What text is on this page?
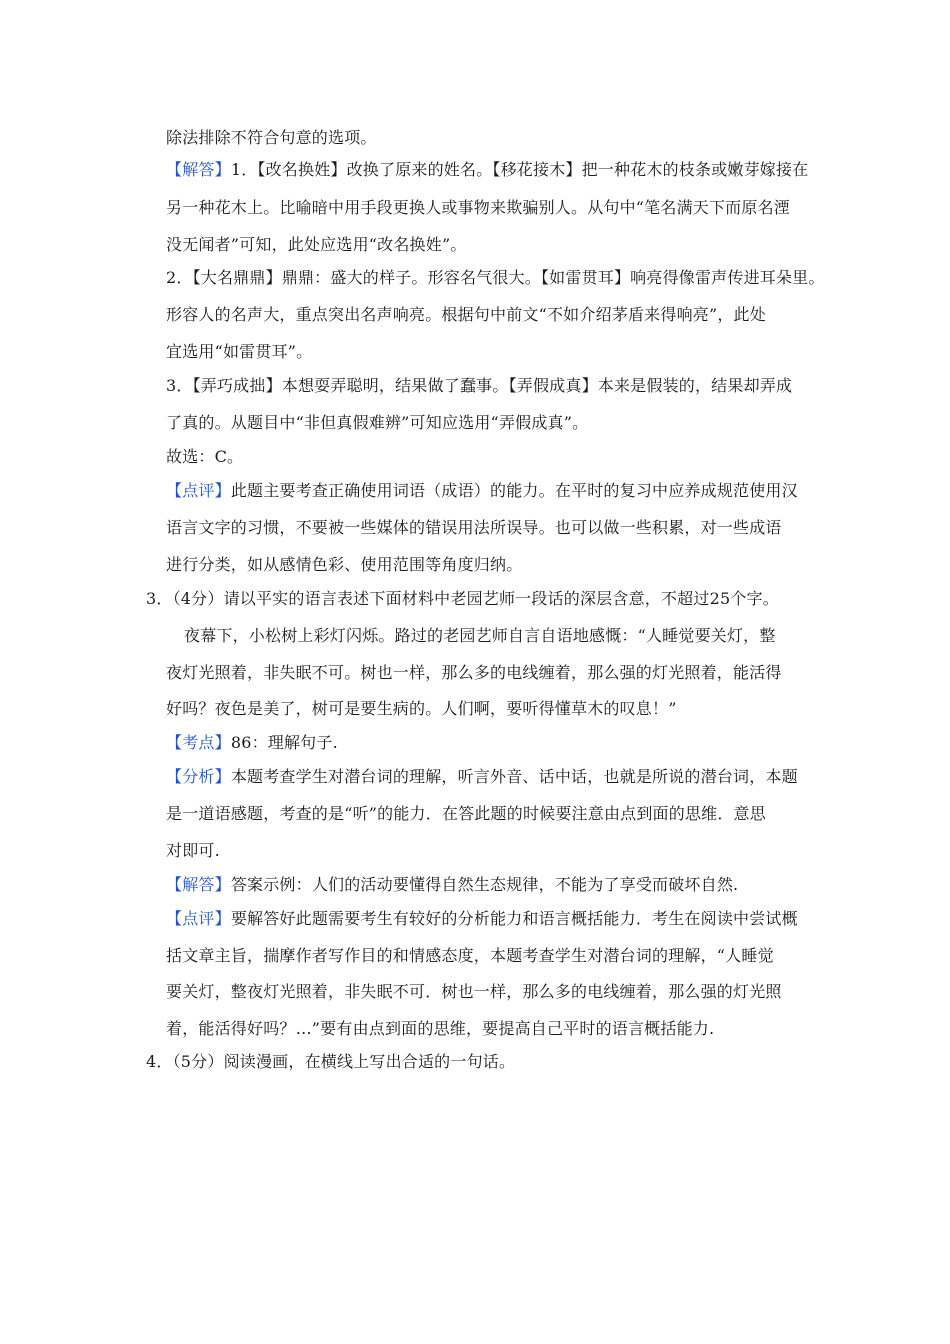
除法排除不符合句意的选项。
【解答】1．【改名换姓】改换了原来的姓名。【移花接木】把一种花木的枝条或嫩芽嫁接在
另一种花木上。比喻暗中用手段更换人或事物来欺骗别人。从句中“笔名满天下而原名湮
没无闻者”可知，此处应选用“改名换姓”。
2．【大名鼎鼎】鼎鼎：盛大的样子。形容名气很大。【如雷贯耳】响亮得像雷声传进耳朵里。
形容人的名声大，重点突出名声响亮。根据句中前文“不如介绍茅盾来得响亮”，此处
宜选用“如雷贯耳”。
3．【弄巧成拙】本想耍弄聪明，结果做了蠢事。【弄假成真】本来是假装的，结果却弄成
了真的。从题目中“非但真假难辨”可知应选用“弄假成真”。
故选：C。
【点评】此题主要考查正确使用词语（成语）的能力。在平时的复习中应养成规范使用汉
语言文字的习惯，不要被一些媒体的错误用法所误导。也可以做一些积累，对一些成语
进行分类，如从感情色彩、使用范围等角度归纳。
3．（4分）请以平实的语言表述下面材料中老园艺师一段话的深层含意，不超过25个字。
夜幕下，小松树上彩灯闪烁。路过的老园艺师自言自语地感慨：“人睡觉要关灯，整
夜灯光照着，非失眠不可。树也一样，那么多的电线缠着，那么强的灯光照着，能活得
好吗？夜色是美了，树可是要生病的。人们啊，要听得懂草木的叹息！”
【考点】86：理解句子.
【分析】本题考查学生对潜台词的理解，听言外音、话中话，也就是所说的潜台词，本题
是一道语感题，考查的是“听”的能力．在答此题的时候要注意由点到面的思维．意思
对即可.
【解答】答案示例：人们的活动要懂得自然生态规律，不能为了享受而破坏自然.
【点评】要解答好此题需要考生有较好的分析能力和语言概括能力．考生在阅读中尝试概
括文章主旨，揣摩作者写作目的和情感态度，本题考查学生对潜台词的理解，“人睡觉
要关灯，整夜灯光照着，非失眠不可．树也一样，那么多的电线缠着，那么强的灯光照
着，能活得好吗？…”要有由点到面的思维，要提高自己平时的语言概括能力.
4．（5分）阅读漫画，在横线上写出合适的一句话。
